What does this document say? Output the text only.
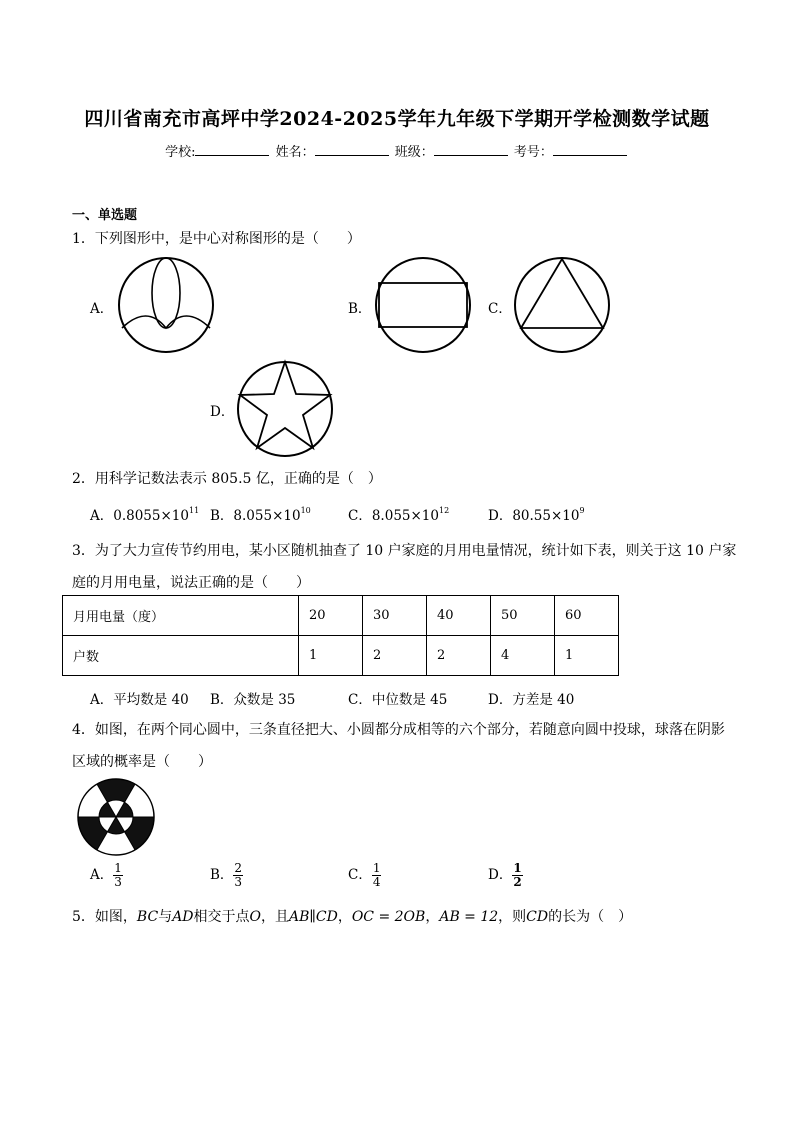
四川省南充市高坪中学2024-2025学年九年级下学期开学检测数学试题
学校:	姓名：	班级：	考号：
一、单选题
1．下列图形中，是中心对称图形的是（　　）
A．	B．	C．
D．
2．用科学记数法表示 805.5 亿，正确的是（　）
A．$0.8055\times 10^{11}$ B．$8.055\times 10^{10}$	C．$8.055\times 10^{12}$	D．$80.55\times 10^9$
3．为了大力宣传节约用电，某小区随机抽查了 10 户家庭的月用电量情况，统计如下表，则关于这 10 户家
庭的月用电量，说法正确的是（　　）
月用电量（度）	20	30	40	50	60
户数	1	2	2	4	1
A．平均数是 40 B．众数是 35	C．中位数是 45	D．方差是 40
4．如图，在两个同心圆中，三条直径把大、小圆都分成相等的六个部分，若随意向圆中投球，球落在阴影
区域的概率是（　　）
A． $\frac{1}{3}$	B． $\frac{2}{3}$	C． $\frac{1}{4}$	D． $\frac{1}{2}$
5．如图，BC与AD相交于点O，且AB∥CD，OC = 2OB，AB = 12，则CD的长为（　）
